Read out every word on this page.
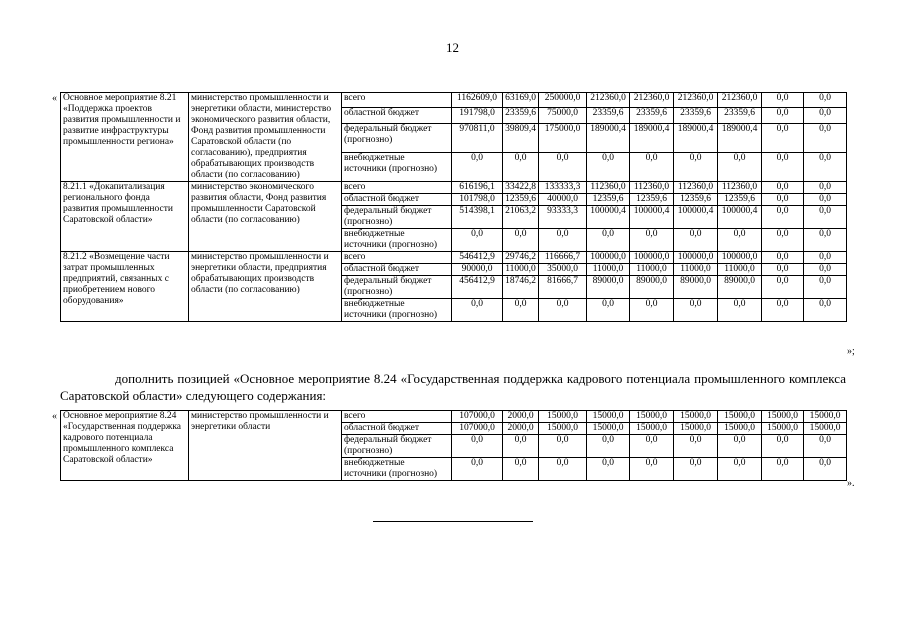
12
« Основное мероприятие 8.21 «Поддержка проектов развития промышленности и развитие инфраструктуры промышленности региона»	министерство промышленности и энергетики области, министерство экономического развития области, Фонд развития промышленности Саратовской области (по согласованию), предприятия обрабатывающих производств области (по согласованию)	всего	1162609,0	63169,0	250000,0	212360,0	212360,0	212360,0	212360,0	0,0	0,0
		областной бюджет	191798,0	23359,6	75000,0	23359,6	23359,6	23359,6	23359,6	0,0	0,0
		федеральный бюджет (прогнозно)	970811,0	39809,4	175000,0	189000,4	189000,4	189000,4	189000,4	0,0	0,0
		внебюджетные источники (прогнозно)	0,0	0,0	0,0	0,0	0,0	0,0	0,0	0,0	0,0
8.21.1 «Докапитализация регионального фонда развития промышленности Саратовской области»	министерство экономического развития области, Фонд развития промышленности Саратовской области (по согласованию)	всего	616196,1	33422,8	133333,3	112360,0	112360,0	112360,0	112360,0	0,0	0,0
		областной бюджет	101798,0	12359,6	40000,0	12359,6	12359,6	12359,6	12359,6	0,0	0,0
		федеральный бюджет (прогнозно)	514398,1	21063,2	93333,3	100000,4	100000,4	100000,4	100000,4	0,0	0,0
		внебюджетные источники (прогнозно)	0,0	0,0	0,0	0,0	0,0	0,0	0,0	0,0	0,0
8.21.2 «Возмещение части затрат промышленных предприятий, связанных с приобретением нового оборудования»	министерство промышленности и энергетики области, предприятия обрабатывающих производств области (по согласованию)	всего	546412,9	29746,2	116666,7	100000,0	100000,0	100000,0	100000,0	0,0	0,0
		областной бюджет	90000,0	11000,0	35000,0	11000,0	11000,0	11000,0	11000,0	0,0	0,0
		федеральный бюджет (прогнозно)	456412,9	18746,2	81666,7	89000,0	89000,0	89000,0	89000,0	0,0	0,0
		внебюджетные источники (прогнозно)	0,0	0,0	0,0	0,0	0,0	0,0	0,0	0,0	0,0
»;
дополнить позицией «Основное мероприятие 8.24 «Государственная поддержка кадрового потенциала промышленного комплекса Саратовской области» следующего содержания:
« Основное мероприятие 8.24 «Государственная поддержка кадрового потенциала промышленного комплекса Саратовской области»	министерство промышленности и энергетики области	всего	107000,0	2000,0	15000,0	15000,0	15000,0	15000,0	15000,0	15000,0	15000,0
		областной бюджет	107000,0	2000,0	15000,0	15000,0	15000,0	15000,0	15000,0	15000,0	15000,0
		федеральный бюджет (прогнозно)	0,0	0,0	0,0	0,0	0,0	0,0	0,0	0,0	0,0
		внебюджетные источники (прогнозно)	0,0	0,0	0,0	0,0	0,0	0,0	0,0	0,0	0,0
».
